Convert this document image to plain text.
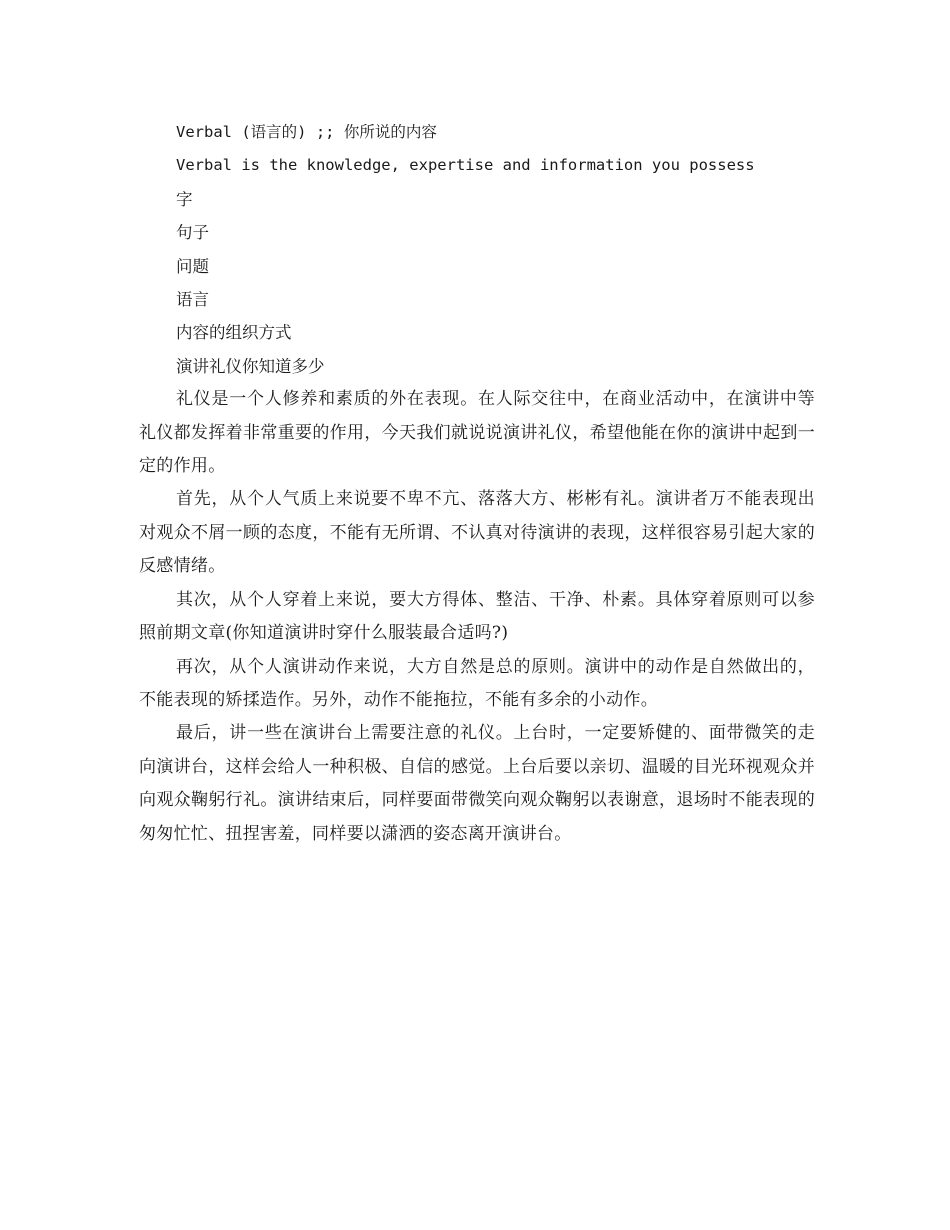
Verbal (语言的) ;; 你所说的内容

Verbal is the knowledge, expertise and information you possess

字

句子

问题

语言

内容的组织方式

演讲礼仪你知道多少

礼仪是一个人修养和素质的外在表现。在人际交往中，在商业活动中，在演讲中等礼仪都发挥着非常重要的作用，今天我们就说说演讲礼仪，希望他能在你的演讲中起到一定的作用。

首先，从个人气质上来说要不卑不亢、落落大方、彬彬有礼。演讲者万不能表现出对观众不屑一顾的态度，不能有无所谓、不认真对待演讲的表现，这样很容易引起大家的反感情绪。

其次，从个人穿着上来说，要大方得体、整洁、干净、朴素。具体穿着原则可以参照前期文章(你知道演讲时穿什么服装最合适吗?)

再次，从个人演讲动作来说，大方自然是总的原则。演讲中的动作是自然做出的，不能表现的矫揉造作。另外，动作不能拖拉，不能有多余的小动作。

最后，讲一些在演讲台上需要注意的礼仪。上台时，一定要矫健的、面带微笑的走向演讲台，这样会给人一种积极、自信的感觉。上台后要以亲切、温暖的目光环视观众并向观众鞠躬行礼。演讲结束后，同样要面带微笑向观众鞠躬以表谢意，退场时不能表现的匆匆忙忙、扭捏害羞，同样要以潇洒的姿态离开演讲台。
